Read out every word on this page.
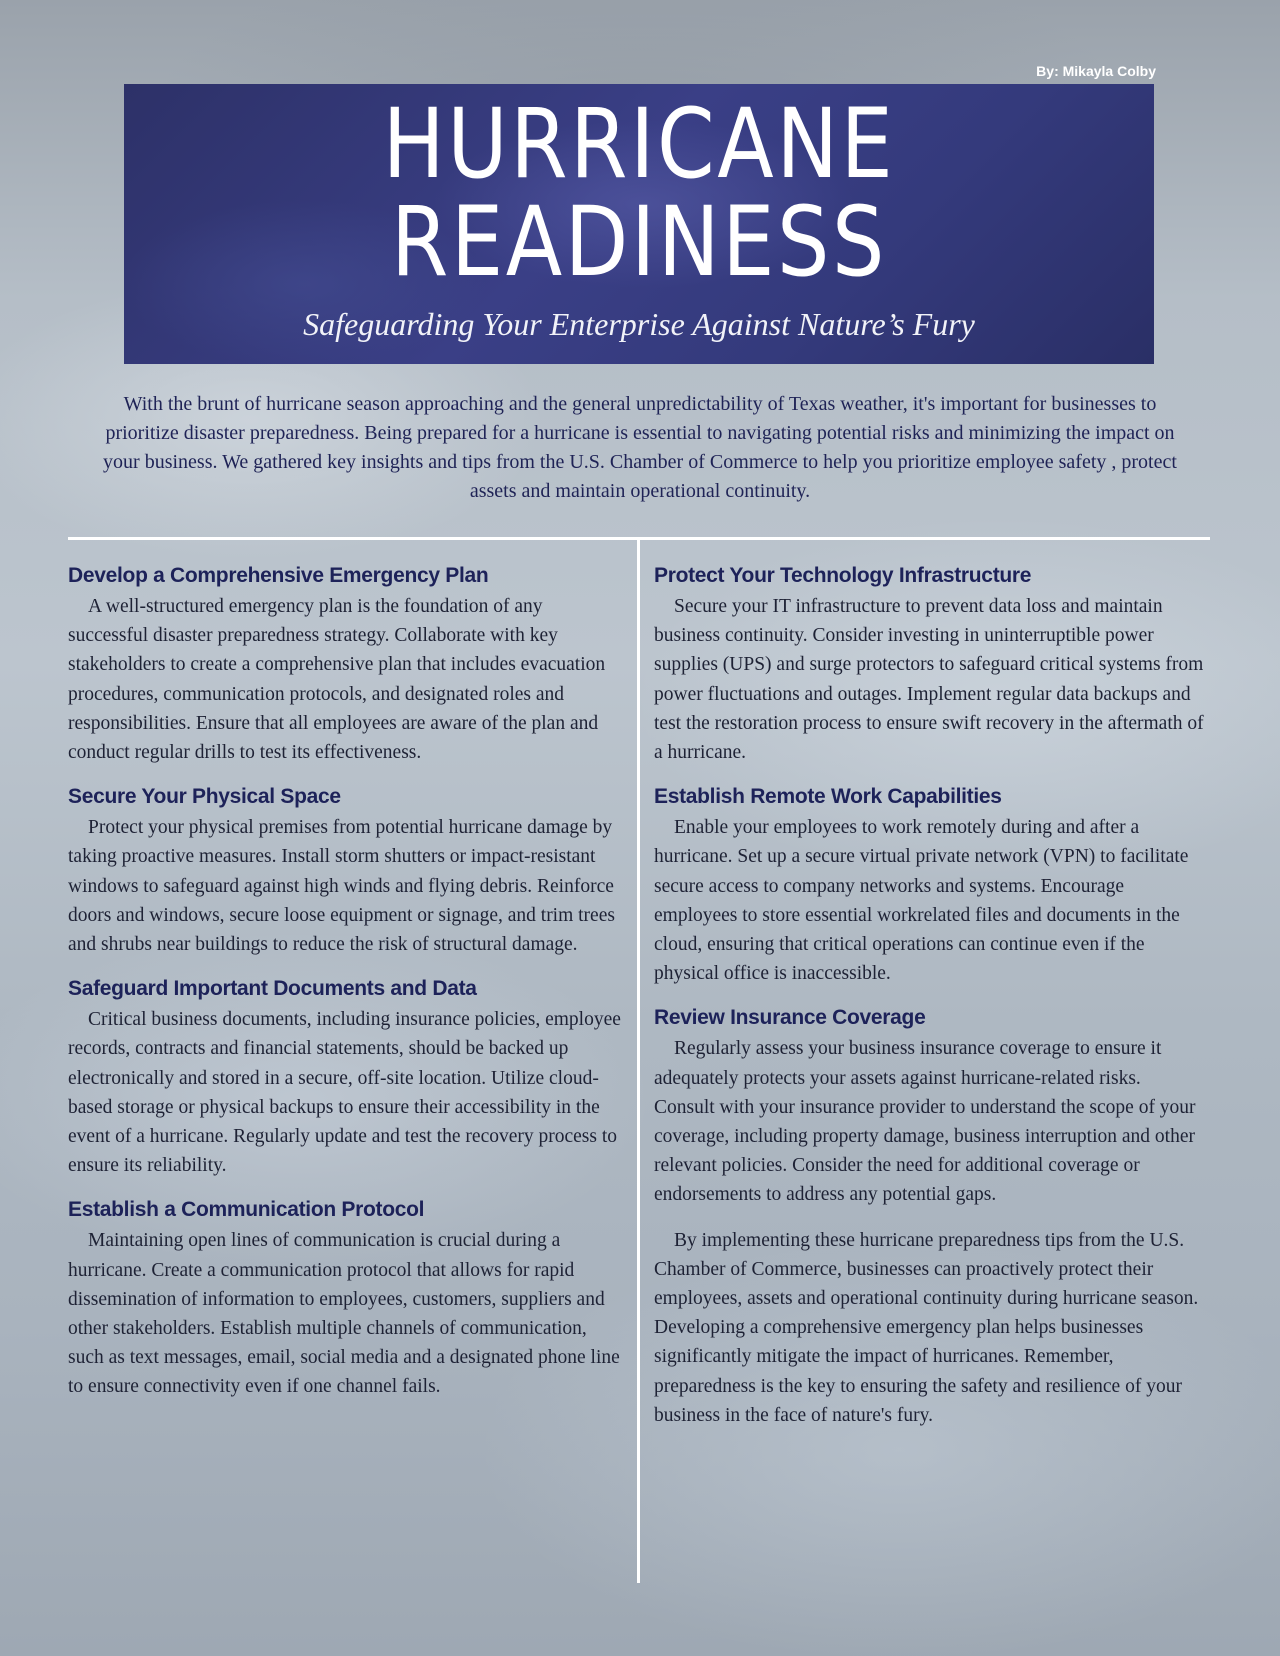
By: Mikayla Colby
HURRICANE
READINESS
Safeguarding Your Enterprise Against Nature’s Fury

With the brunt of hurricane season approaching and the general unpredictability of Texas weather, it's important for businesses to prioritize disaster preparedness. Being prepared for a hurricane is essential to navigating potential risks and minimizing the impact on your business. We gathered key insights and tips from the U.S. Chamber of Commerce to help you prioritize employee safety , protect assets and maintain operational continuity.

Develop a Comprehensive Emergency Plan

A well-structured emergency plan is the foundation of any successful disaster preparedness strategy. Collaborate with key stakeholders to create a comprehensive plan that includes evacuation procedures, communication protocols, and designated roles and responsibilities. Ensure that all employees are aware of the plan and conduct regular drills to test its effectiveness.

Secure Your Physical Space

Protect your physical premises from potential hurricane damage by taking proactive measures. Install storm shutters or impact-resistant windows to safeguard against high winds and flying debris. Reinforce doors and windows, secure loose equipment or signage, and trim trees and shrubs near buildings to reduce the risk of structural damage.

Safeguard Important Documents and Data

Critical business documents, including insurance policies, employee records, contracts and financial statements, should be backed up electronically and stored in a secure, off-site location. Utilize cloud-based storage or physical backups to ensure their accessibility in the event of a hurricane. Regularly update and test the recovery process to ensure its reliability.

Establish a Communication Protocol

Maintaining open lines of communication is crucial during a hurricane. Create a communication protocol that allows for rapid dissemination of information to employees, customers, suppliers and other stakeholders. Establish multiple channels of communication, such as text messages, email, social media and a designated phone line to ensure connectivity even if one channel fails.

Protect Your Technology Infrastructure

Secure your IT infrastructure to prevent data loss and maintain business continuity. Consider investing in uninterruptible power supplies (UPS) and surge protectors to safeguard critical systems from power fluctuations and outages. Implement regular data backups and test the restoration process to ensure swift recovery in the aftermath of a hurricane.

Establish Remote Work Capabilities

Enable your employees to work remotely during and after a hurricane. Set up a secure virtual private network (VPN) to facilitate secure access to company networks and systems. Encourage employees to store essential workrelated files and documents in the cloud, ensuring that critical operations can continue even if the physical office is inaccessible.

Review Insurance Coverage

Regularly assess your business insurance coverage to ensure it adequately protects your assets against hurricane-related risks. Consult with your insurance provider to understand the scope of your coverage, including property damage, business interruption and other relevant policies. Consider the need for additional coverage or endorsements to address any potential gaps.

By implementing these hurricane preparedness tips from the U.S. Chamber of Commerce, businesses can proactively protect their employees, assets and operational continuity during hurricane season. Developing a comprehensive emergency plan helps businesses significantly mitigate the impact of hurricanes. Remember, preparedness is the key to ensuring the safety and resilience of your business in the face of nature's fury.
